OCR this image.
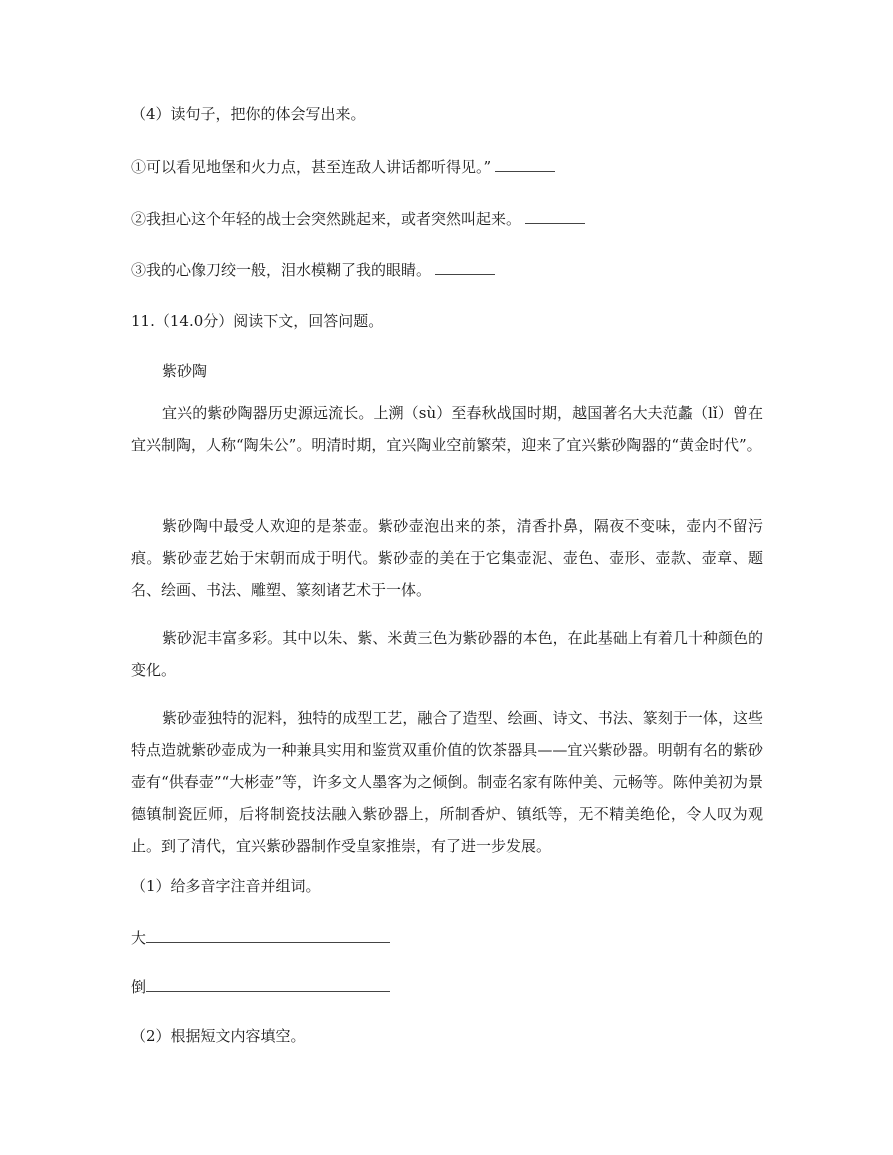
（4）读句子，把你的体会写出来。
①可以看见地堡和火力点，甚至连敌人讲话都听得见。”
②我担心这个年轻的战士会突然跳起来，或者突然叫起来。
③我的心像刀绞一般，泪水模糊了我的眼睛。
11.（14.0分）阅读下文，回答问题。
紫砂陶
宜兴的紫砂陶器历史源远流长。上溯（sù）至春秋战国时期，越国著名大夫范蠡（lǐ）曾在宜兴制陶，人称“陶朱公”。明清时期，宜兴陶业空前繁荣，迎来了宜兴紫砂陶器的“黄金时代”。
紫砂陶中最受人欢迎的是茶壶。紫砂壶泡出来的茶，清香扑鼻，隔夜不变味，壶内不留污痕。紫砂壶艺始于宋朝而成于明代。紫砂壶的美在于它集壶泥、壶色、壶形、壶款、壶章、题名、绘画、书法、雕塑、篆刻诸艺术于一体。
紫砂泥丰富多彩。其中以朱、紫、米黄三色为紫砂器的本色，在此基础上有着几十种颜色的变化。
紫砂壶独特的泥料，独特的成型工艺，融合了造型、绘画、诗文、书法、篆刻于一体，这些特点造就紫砂壶成为一种兼具实用和鉴赏双重价值的饮茶器具——宜兴紫砂器。明朝有名的紫砂壶有“供春壶”“大彬壶”等，许多文人墨客为之倾倒。制壶名家有陈仲美、元畅等。陈仲美初为景德镇制瓷匠师，后将制瓷技法融入紫砂器上，所制香炉、镇纸等，无不精美绝伦，令人叹为观止。到了清代，宜兴紫砂器制作受皇家推崇，有了进一步发展。
（1）给多音字注音并组词。
大
倒
（2）根据短文内容填空。
